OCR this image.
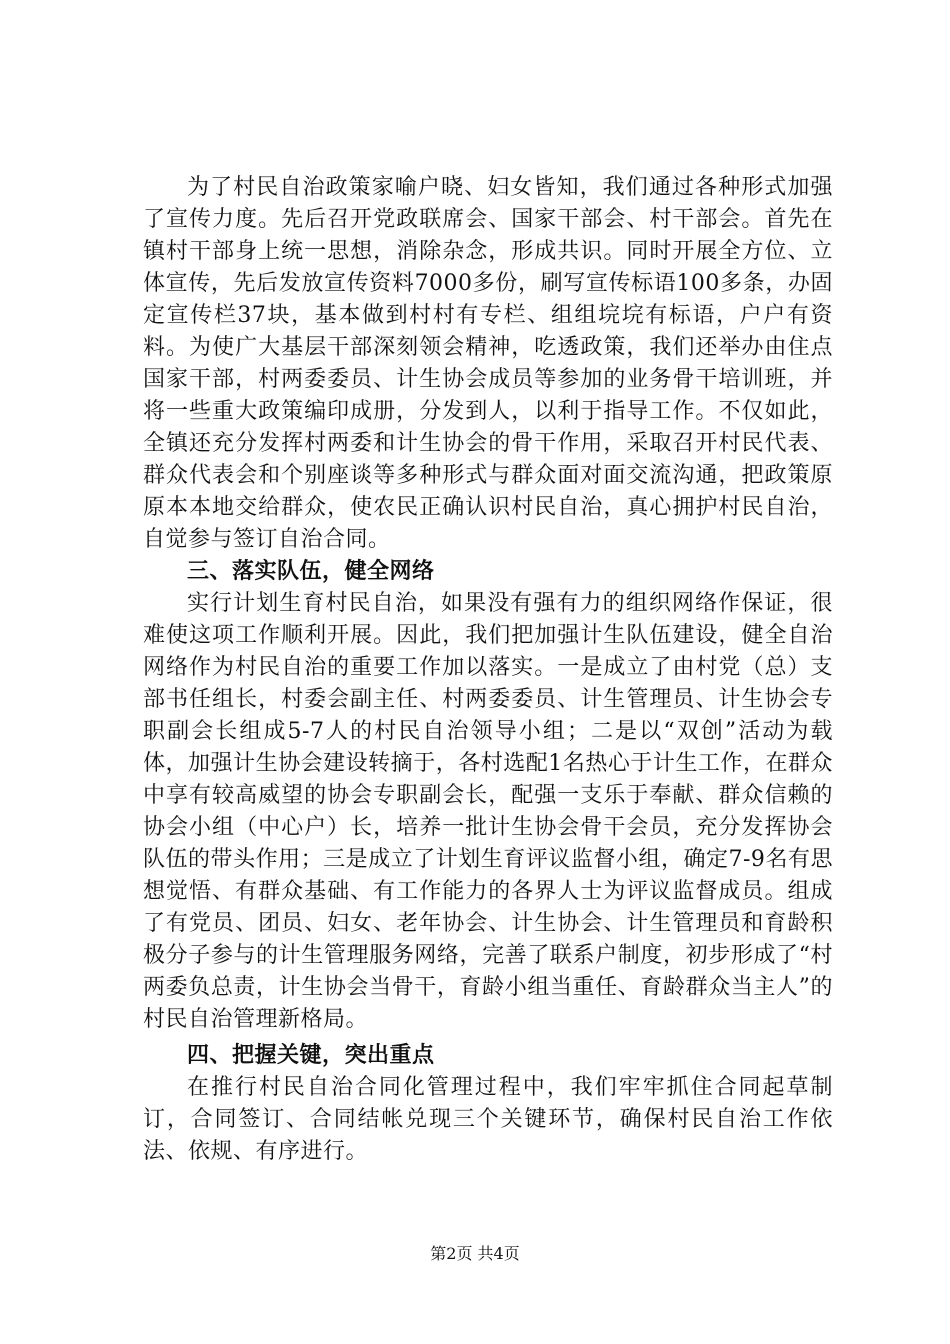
为了村民自治政策家喻户晓、妇女皆知，我们通过各种形式加强了宣传力度。先后召开党政联席会、国家干部会、村干部会。首先在镇村干部身上统一思想，消除杂念，形成共识。同时开展全方位、立体宣传，先后发放宣传资料7000多份，刷写宣传标语100多条，办固定宣传栏37块，基本做到村村有专栏、组组垸垸有标语，户户有资料。为使广大基层干部深刻领会精神，吃透政策，我们还举办由住点国家干部，村两委委员、计生协会成员等参加的业务骨干培训班，并将一些重大政策编印成册，分发到人，以利于指导工作。不仅如此，全镇还充分发挥村两委和计生协会的骨干作用，采取召开村民代表、群众代表会和个别座谈等多种形式与群众面对面交流沟通，把政策原原本本地交给群众，使农民正确认识村民自治，真心拥护村民自治，自觉参与签订自治合同。

三、落实队伍，健全网络

实行计划生育村民自治，如果没有强有力的组织网络作保证，很难使这项工作顺利开展。因此，我们把加强计生队伍建设，健全自治网络作为村民自治的重要工作加以落实。一是成立了由村党（总）支部书任组长，村委会副主任、村两委委员、计生管理员、计生协会专职副会长组成5-7人的村民自治领导小组；二是以“双创”活动为载体，加强计生协会建设转摘于，各村选配1名热心于计生工作，在群众中享有较高威望的协会专职副会长，配强一支乐于奉献、群众信赖的协会小组（中心户）长，培养一批计生协会骨干会员，充分发挥协会队伍的带头作用；三是成立了计划生育评议监督小组，确定7-9名有思想觉悟、有群众基础、有工作能力的各界人士为评议监督成员。组成了有党员、团员、妇女、老年协会、计生协会、计生管理员和育龄积极分子参与的计生管理服务网络，完善了联系户制度，初步形成了“村两委负总责，计生协会当骨干，育龄小组当重任、育龄群众当主人”的村民自治管理新格局。

四、把握关键，突出重点

在推行村民自治合同化管理过程中，我们牢牢抓住合同起草制订，合同签订、合同结帐兑现三个关键环节，确保村民自治工作依法、依规、有序进行。

第2页 共4页
